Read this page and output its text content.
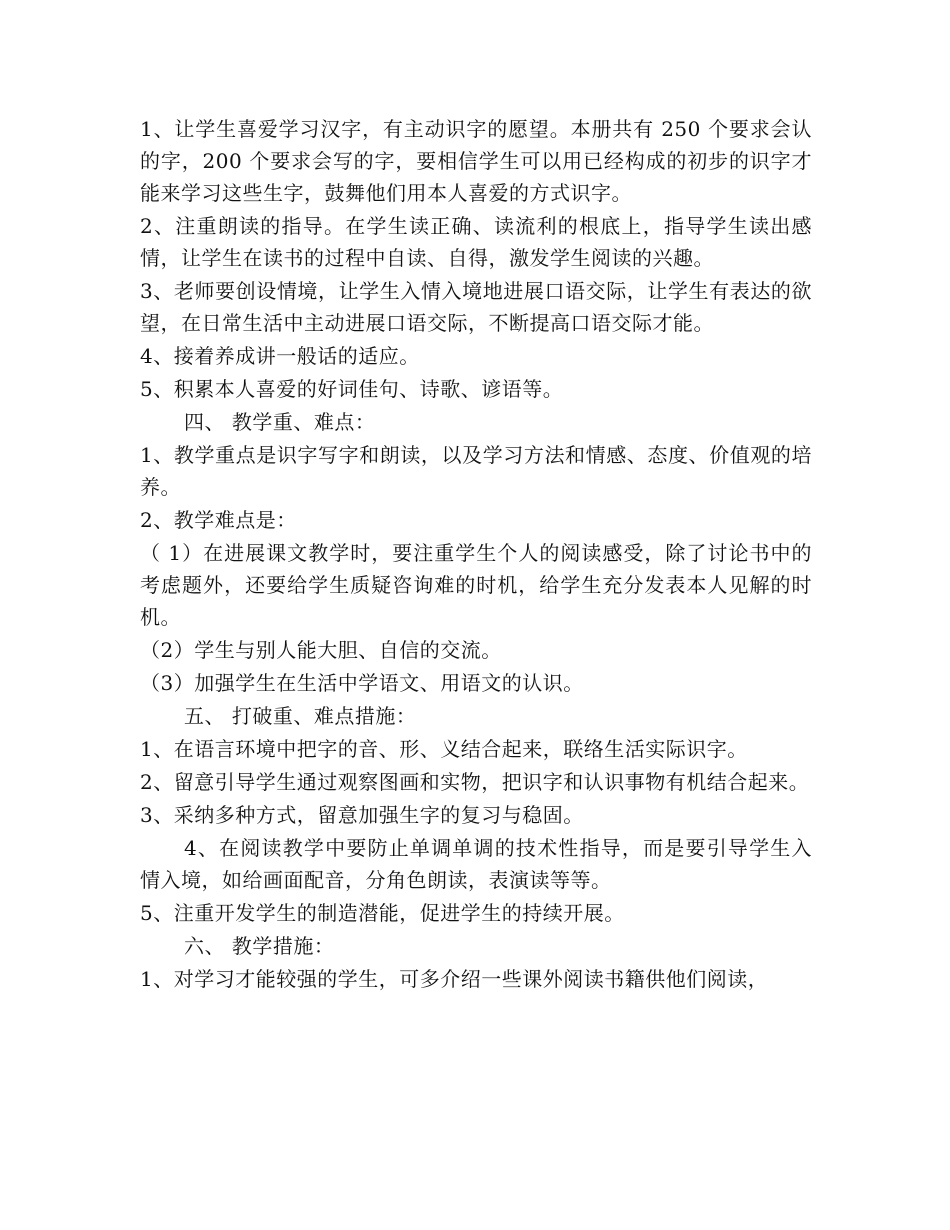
1、让学生喜爱学习汉字，有主动识字的愿望。本册共有 250 个要求会认的字，200 个要求会写的字，要相信学生可以用已经构成的初步的识字才能来学习这些生字，鼓舞他们用本人喜爱的方式识字。

2、注重朗读的指导。在学生读正确、读流利的根底上，指导学生读出感情，让学生在读书的过程中自读、自得，激发学生阅读的兴趣。

3、老师要创设情境，让学生入情入境地进展口语交际，让学生有表达的欲望，在日常生活中主动进展口语交际，不断提高口语交际才能。

4、接着养成讲一般话的适应。

5、积累本人喜爱的好词佳句、诗歌、谚语等。

四、 教学重、难点：

1、教学重点是识字写字和朗读，以及学习方法和情感、态度、价值观的培养。

2、教学难点是：

（ 1）在进展课文教学时，要注重学生个人的阅读感受，除了讨论书中的考虑题外，还要给学生质疑咨询难的时机，给学生充分发表本人见解的时机。

（2）学生与别人能大胆、自信的交流。

（3）加强学生在生活中学语文、用语文的认识。

五、 打破重、难点措施：

1、在语言环境中把字的音、形、义结合起来，联络生活实际识字。

2、留意引导学生通过观察图画和实物，把识字和认识事物有机结合起来。

3、采纳多种方式，留意加强生字的复习与稳固。

4、在阅读教学中要防止单调单调的技术性指导，而是要引导学生入情入境，如给画面配音，分角色朗读，表演读等等。

5、注重开发学生的制造潜能，促进学生的持续开展。

六、 教学措施：

1、对学习才能较强的学生，可多介绍一些课外阅读书籍供他们阅读，
